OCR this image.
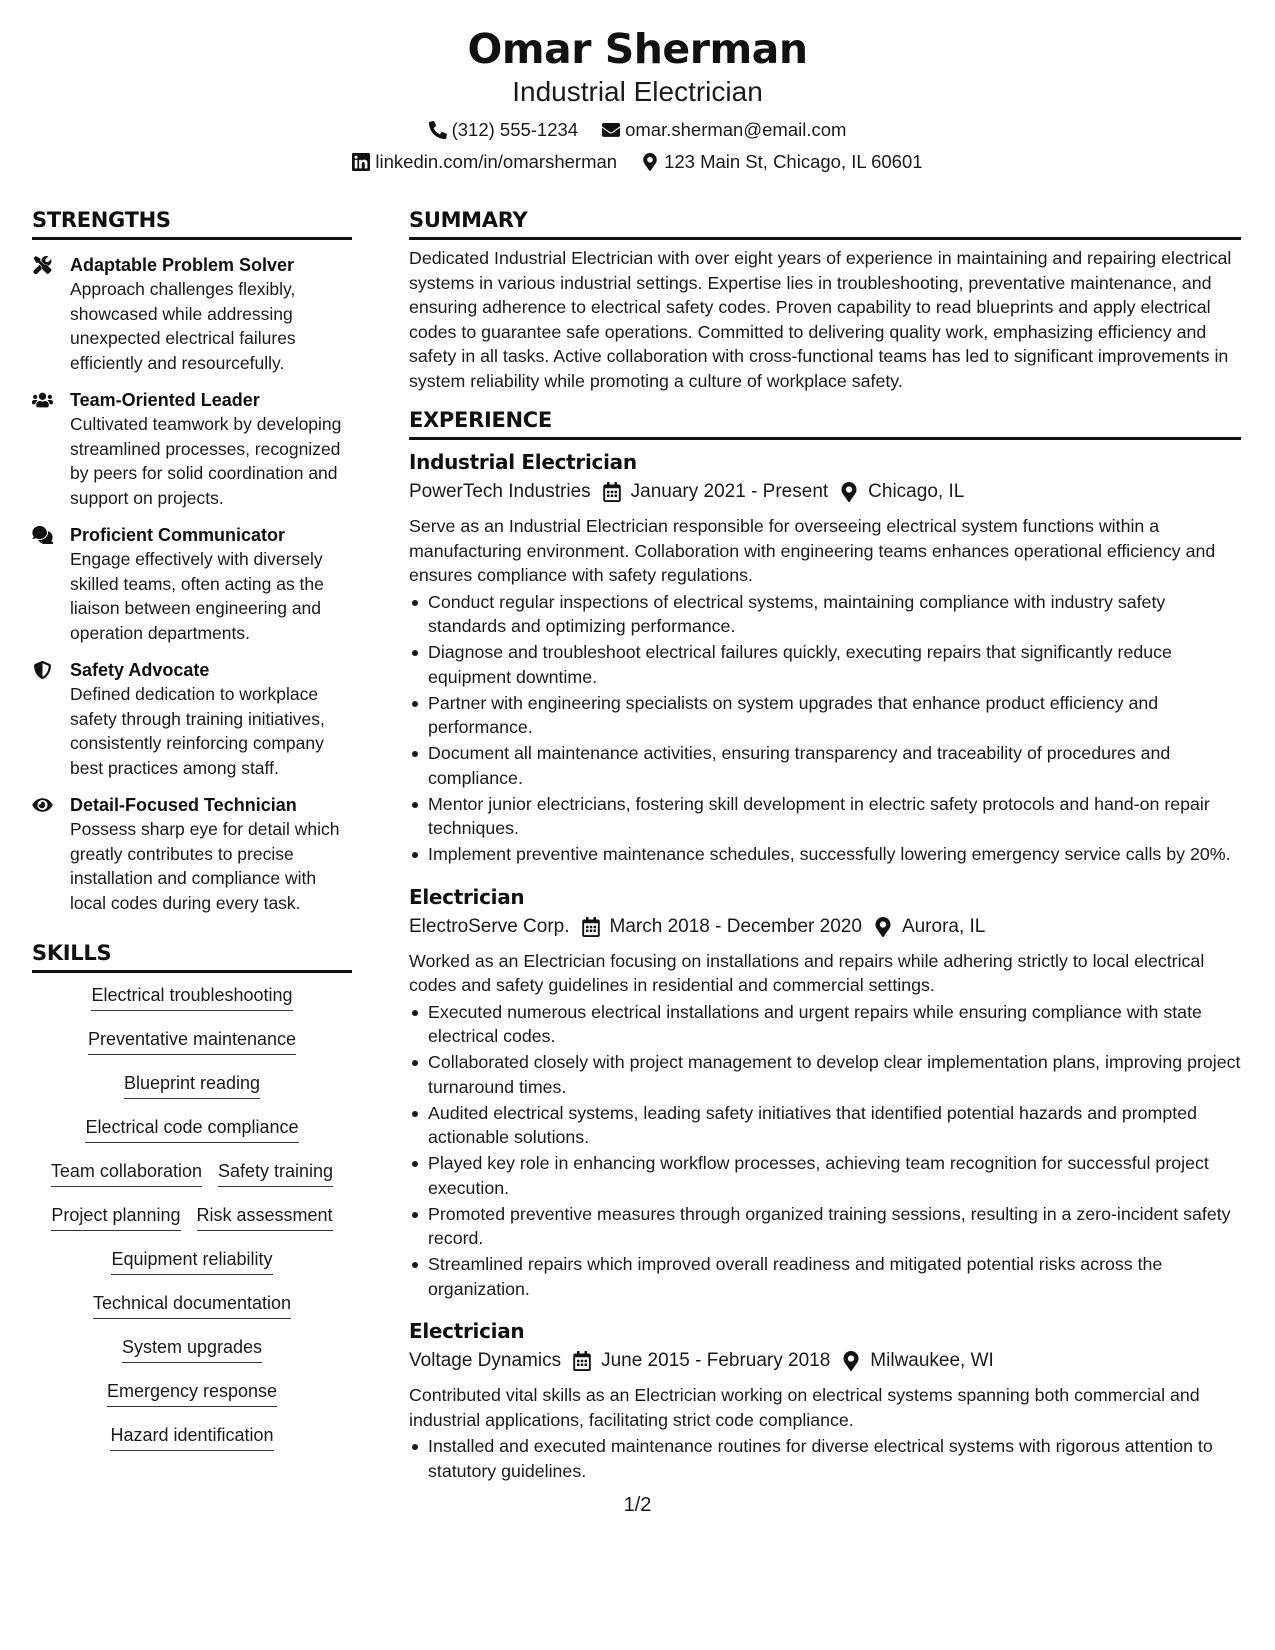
Omar Sherman
Industrial Electrician
(312) 555-1234	omar.sherman@email.com
linkedin.com/in/omarsherman	123 Main St, Chicago, IL 60601
STRENGTHS
Adaptable Problem Solver
Approach challenges flexibly, showcased while addressing unexpected electrical failures efficiently and resourcefully.
Team-Oriented Leader
Cultivated teamwork by developing streamlined processes, recognized by peers for solid coordination and support on projects.
Proficient Communicator
Engage effectively with diversely skilled teams, often acting as the liaison between engineering and operation departments.
Safety Advocate
Defined dedication to workplace safety through training initiatives, consistently reinforcing company best practices among staff.
Detail-Focused Technician
Possess sharp eye for detail which greatly contributes to precise installation and compliance with local codes during every task.
SKILLS
Electrical troubleshooting
Preventative maintenance
Blueprint reading
Electrical code compliance
Team collaboration Safety training
Project planning Risk assessment
Equipment reliability
Technical documentation
System upgrades
Emergency response
Hazard identification
SUMMARY
Dedicated Industrial Electrician with over eight years of experience in maintaining and repairing electrical systems in various industrial settings. Expertise lies in troubleshooting, preventative maintenance, and ensuring adherence to electrical safety codes. Proven capability to read blueprints and apply electrical codes to guarantee safe operations. Committed to delivering quality work, emphasizing efficiency and safety in all tasks. Active collaboration with cross-functional teams has led to significant improvements in system reliability while promoting a culture of workplace safety.
EXPERIENCE
Industrial Electrician
PowerTech Industries January 2021 - Present Chicago, IL
Serve as an Industrial Electrician responsible for overseeing electrical system functions within a manufacturing environment. Collaboration with engineering teams enhances operational efficiency and ensures compliance with safety regulations.
Conduct regular inspections of electrical systems, maintaining compliance with industry safety standards and optimizing performance.
Diagnose and troubleshoot electrical failures quickly, executing repairs that significantly reduce equipment downtime.
Partner with engineering specialists on system upgrades that enhance product efficiency and performance.
Document all maintenance activities, ensuring transparency and traceability of procedures and compliance.
Mentor junior electricians, fostering skill development in electric safety protocols and hand-on repair techniques.
Implement preventive maintenance schedules, successfully lowering emergency service calls by 20%.
Electrician
ElectroServe Corp. March 2018 - December 2020 Aurora, IL
Worked as an Electrician focusing on installations and repairs while adhering strictly to local electrical codes and safety guidelines in residential and commercial settings.
Executed numerous electrical installations and urgent repairs while ensuring compliance with state electrical codes.
Collaborated closely with project management to develop clear implementation plans, improving project turnaround times.
Audited electrical systems, leading safety initiatives that identified potential hazards and prompted actionable solutions.
Played key role in enhancing workflow processes, achieving team recognition for successful project execution.
Promoted preventive measures through organized training sessions, resulting in a zero-incident safety record.
Streamlined repairs which improved overall readiness and mitigated potential risks across the organization.
Electrician
Voltage Dynamics June 2015 - February 2018 Milwaukee, WI
Contributed vital skills as an Electrician working on electrical systems spanning both commercial and industrial applications, facilitating strict code compliance.
Installed and executed maintenance routines for diverse electrical systems with rigorous attention to statutory guidelines.
1/2
